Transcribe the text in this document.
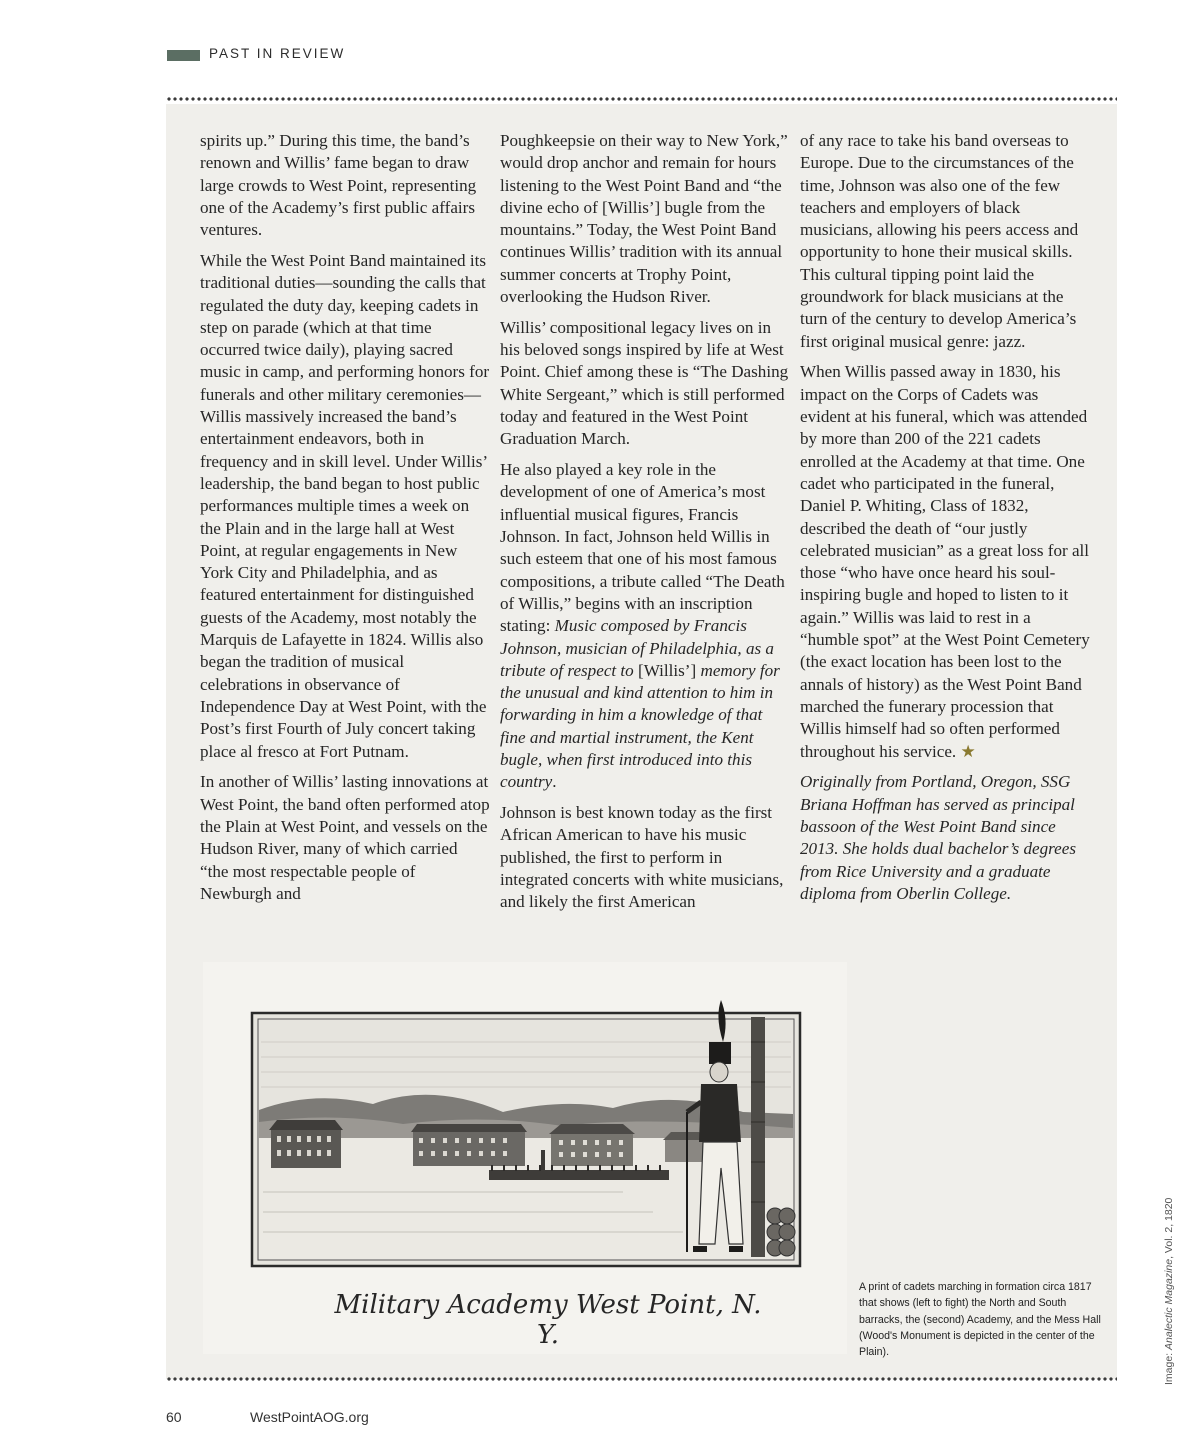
PAST IN REVIEW

spirits up.” During this time, the band’s renown and Willis’ fame began to draw large crowds to West Point, representing one of the Academy’s first public affairs ventures.

While the West Point Band maintained its traditional duties—sounding the calls that regulated the duty day, keeping cadets in step on parade (which at that time occurred twice daily), playing sacred music in camp, and performing honors for funerals and other military ceremonies—Willis massively increased the band’s entertainment endeavors, both in frequency and in skill level. Under Willis’ leadership, the band began to host public performances multiple times a week on the Plain and in the large hall at West Point, at regular engagements in New York City and Philadelphia, and as featured entertainment for distinguished guests of the Academy, most notably the Marquis de Lafayette in 1824. Willis also began the tradition of musical celebrations in observance of Independence Day at West Point, with the Post’s first Fourth of July concert taking place al fresco at Fort Putnam.

In another of Willis’ lasting innovations at West Point, the band often performed atop the Plain at West Point, and vessels on the Hudson River, many of which carried “the most respectable people of Newburgh and

Poughkeepsie on their way to New York,” would drop anchor and remain for hours listening to the West Point Band and “the divine echo of [Willis’] bugle from the mountains.” Today, the West Point Band continues Willis’ tradition with its annual summer concerts at Trophy Point, overlooking the Hudson River.

Willis’ compositional legacy lives on in his beloved songs inspired by life at West Point. Chief among these is “The Dashing White Sergeant,” which is still performed today and featured in the West Point Graduation March.

He also played a key role in the development of one of America’s most influential musical figures, Francis Johnson. In fact, Johnson held Willis in such esteem that one of his most famous compositions, a tribute called “The Death of Willis,” begins with an inscription stating: Music composed by Francis Johnson, musician of Philadelphia, as a tribute of respect to [Willis’] memory for the unusual and kind attention to him in forwarding in him a knowledge of that fine and martial instrument, the Kent bugle, when first introduced into this country.

Johnson is best known today as the first African American to have his music published, the first to perform in integrated concerts with white musicians, and likely the first American

of any race to take his band overseas to Europe. Due to the circumstances of the time, Johnson was also one of the few teachers and employers of black musicians, allowing his peers access and opportunity to hone their musical skills. This cultural tipping point laid the groundwork for black musicians at the turn of the century to develop America’s first original musical genre: jazz.

When Willis passed away in 1830, his impact on the Corps of Cadets was evident at his funeral, which was attended by more than 200 of the 221 cadets enrolled at the Academy at that time. One cadet who participated in the funeral, Daniel P. Whiting, Class of 1832, described the death of “our justly celebrated musician” as a great loss for all those “who have once heard his soul-inspiring bugle and hoped to listen to it again.” Willis was laid to rest in a “humble spot” at the West Point Cemetery (the exact location has been lost to the annals of history) as the West Point Band marched the funerary procession that Willis himself had so often performed throughout his service. ★

Originally from Portland, Oregon, SSG Briana Hoffman has served as principal bassoon of the West Point Band since 2013. She holds dual bachelor’s degrees from Rice University and a graduate diploma from Oberlin College.

Military Academy West Point, N. Y.
A print of cadets marching in formation circa 1817 that shows (left to fight) the North and South barracks, the (second) Academy, and the Mess Hall (Wood's Monument is depicted in the center of the Plain).	Image: Analectic Magazine, Vol. 2, 1820
60	WestPointAOG.org
